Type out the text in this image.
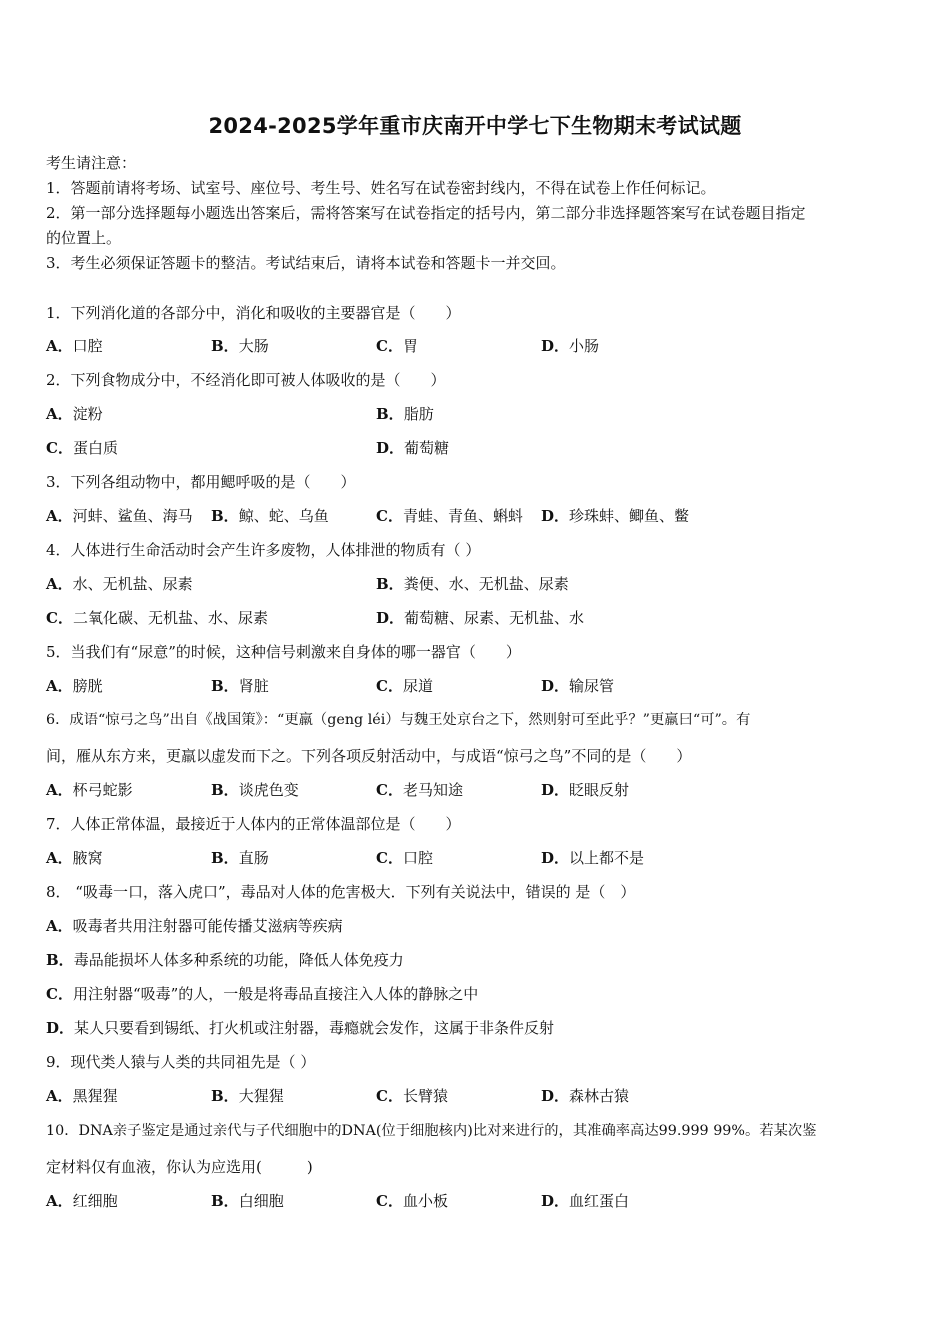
2024-2025学年重市庆南开中学七下生物期末考试试题
考生请注意：
1．答题前请将考场、试室号、座位号、考生号、姓名写在试卷密封线内，不得在试卷上作任何标记。
2．第一部分选择题每小题选出答案后，需将答案写在试卷指定的括号内，第二部分非选择题答案写在试卷题目指定
的位置上。
3．考生必须保证答题卡的整洁。考试结束后，请将本试卷和答题卡一并交回。
1．下列消化道的各部分中，消化和吸收的主要器官是（　　）
A．口腔	B．大肠	C．胃	D．小肠
2．下列食物成分中，不经消化即可被人体吸收的是（　　）
A．淀粉	B．脂肪
C．蛋白质	D．葡萄糖
3．下列各组动物中，都用鳃呼吸的是（　　）
A．河蚌、鲨鱼、海马 B．鲸、蛇、乌鱼	C．青蛙、青鱼、蝌蚪 D．珍珠蚌、鲫鱼、鳖
4．人体进行生命活动时会产生许多废物，人体排泄的物质有（ ）
A．水、无机盐、尿素	B．粪便、水、无机盐、尿素
C．二氧化碳、无机盐、水、尿素	D．葡萄糖、尿素、无机盐、水
5．当我们有“尿意”的时候，这种信号刺激来自身体的哪一器官（　　）
A．膀胱	B．肾脏	C．尿道	D．输尿管
6．成语“惊弓之鸟”出自《战国策》：“更羸（geng léi）与魏王处京台之下，然则射可至此乎？”更羸曰“可”。有
间，雁从东方来，更羸以虚发而下之。下列各项反射活动中，与成语“惊弓之鸟”不同的是（　　）
A．杯弓蛇影	B．谈虎色变	C．老马知途	D．眨眼反射
7．人体正常体温，最接近于人体内的正常体温部位是（　　）
A．腋窝	B．直肠	C．口腔	D．以上都不是
8． “吸毒一口，落入虎口”，毒品对人体的危害极大．下列有关说法中，错误的 是（　）
A．吸毒者共用注射器可能传播艾滋病等疾病
B．毒品能损坏人体多种系统的功能，降低人体免疫力
C．用注射器“吸毒”的人，一般是将毒品直接注入人体的静脉之中
D．某人只要看到锡纸、打火机或注射器，毒瘾就会发作，这属于非条件反射
9．现代类人猿与人类的共同祖先是（ ）
A．黑猩猩	B．大猩猩	C．长臂猿	D．森林古猿
10．DNA亲子鉴定是通过亲代与子代细胞中的DNA(位于细胞核内)比对来进行的，其准确率高达99.999 99%。若某次鉴
定材料仅有血液，你认为应选用(　　　)
A．红细胞	B．白细胞	C．血小板	D．血红蛋白
